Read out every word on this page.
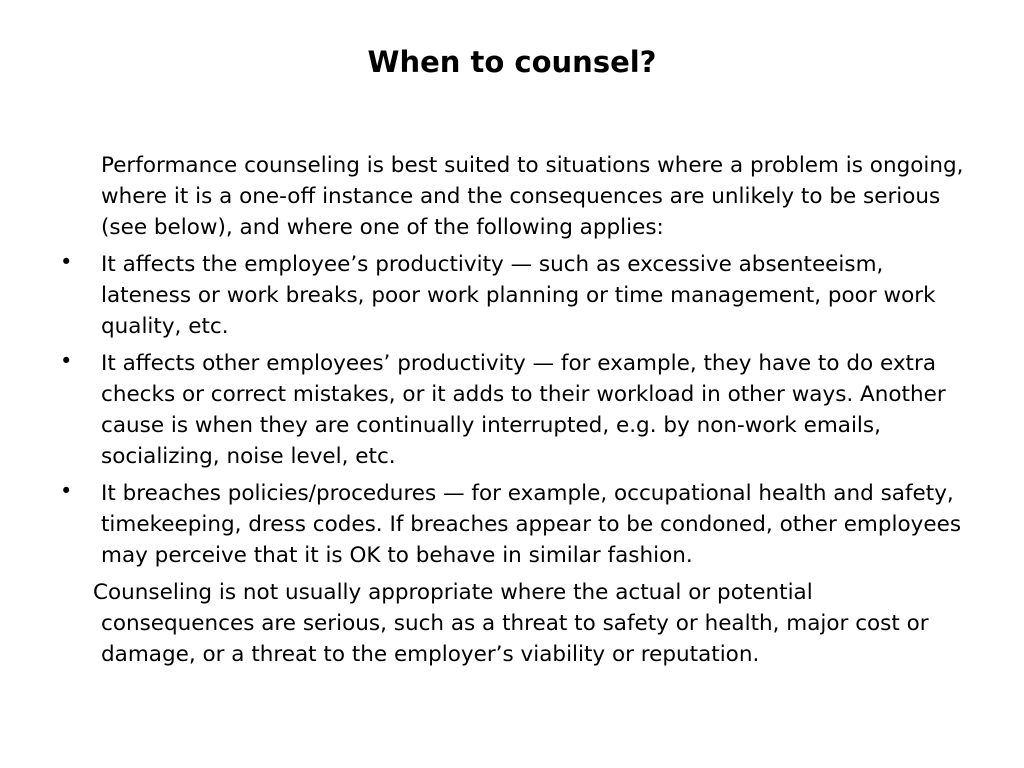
When to counsel?

Performance counseling is best suited to situations where a problem is ongoing, where it is a one-off instance and the consequences are unlikely to be serious (see below), and where one of the following applies:

• It affects the employee’s productivity — such as excessive absenteeism, lateness or work breaks, poor work planning or time management, poor work quality, etc.
• It affects other employees’ productivity — for example, they have to do extra checks or correct mistakes, or it adds to their workload in other ways. Another cause is when they are continually interrupted, e.g. by non-work emails, socializing, noise level, etc.
• It breaches policies/procedures — for example, occupational health and safety, timekeeping, dress codes. If breaches appear to be condoned, other employees may perceive that it is OK to behave in similar fashion.

Counseling is not usually appropriate where the actual or potential consequences are serious, such as a threat to safety or health, major cost or damage, or a threat to the employer’s viability or reputation.
